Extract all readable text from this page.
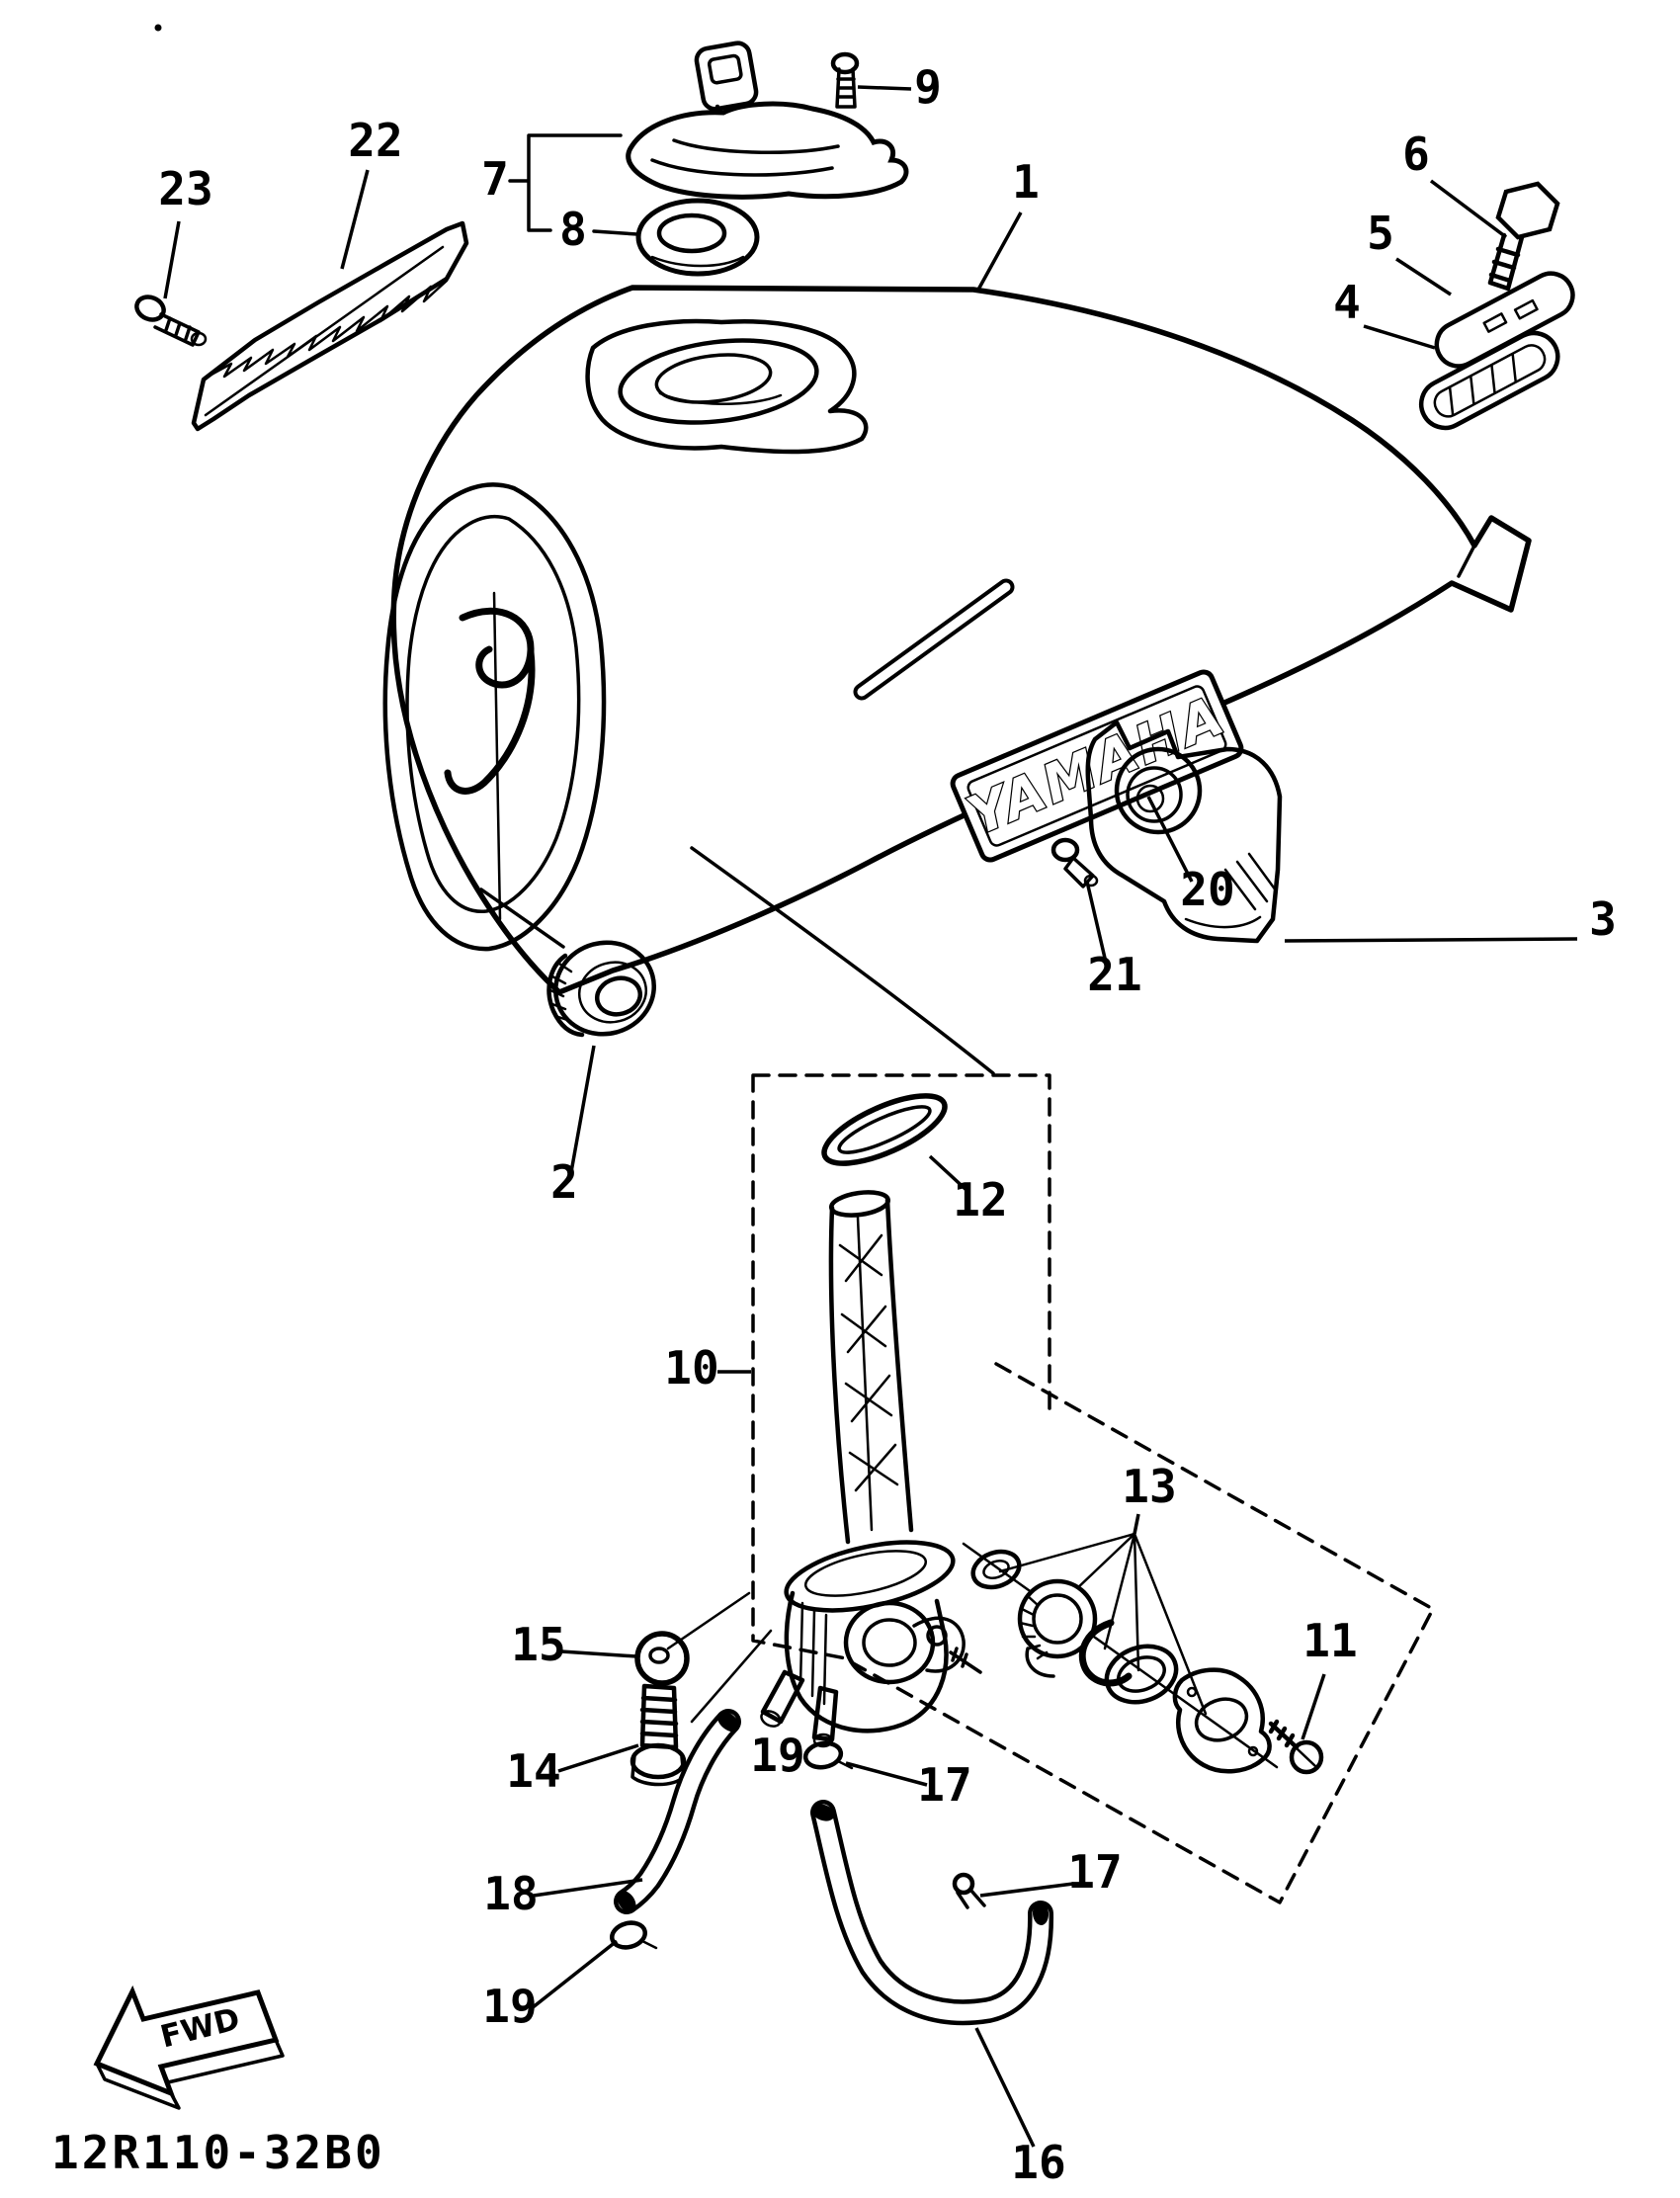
YAMAHA
FWD
12R110-32B0
1
2
3
4
5
6
7
8
9
10
11
12
13
14
15
16
17
17
18
19
19
20
21
22
23
